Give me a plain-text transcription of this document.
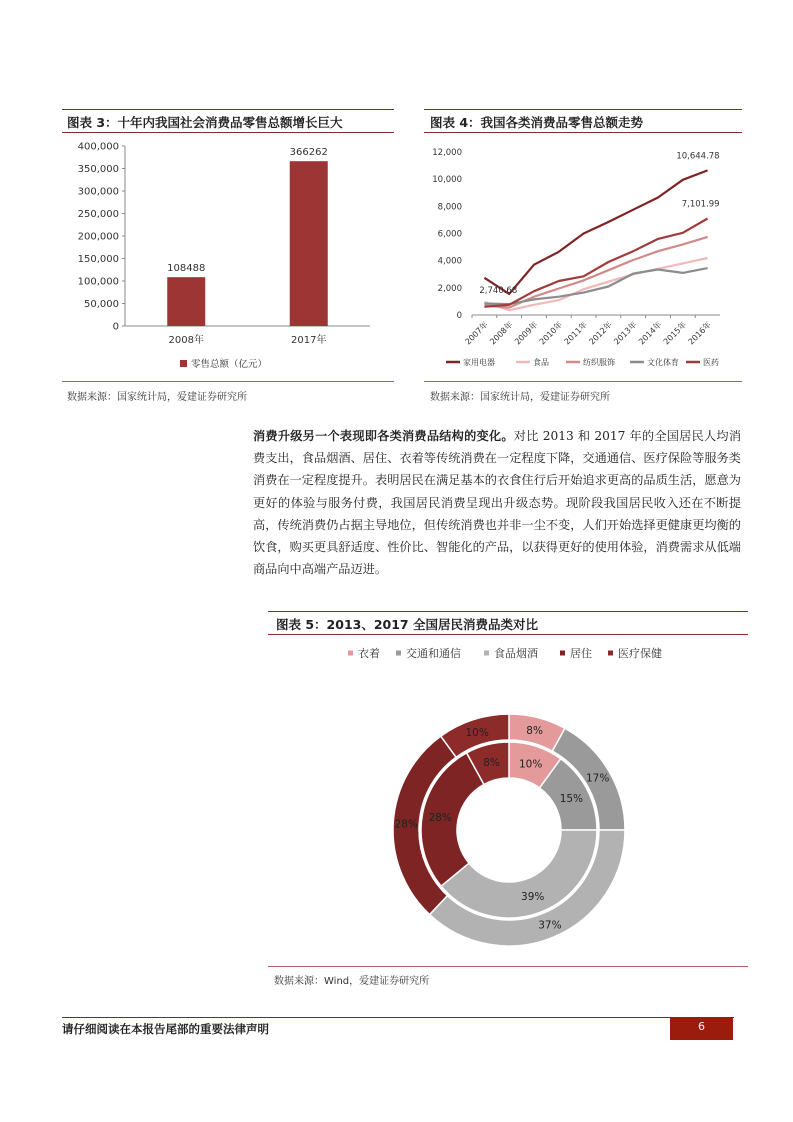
图表 3：十年内我国社会消费品零售总额增长巨大
0
50,000
100,000
150,000
200,000
250,000
300,000
350,000
400,000
108488
366262
2008年	2017年
零售总额（亿元）
数据来源：国家统计局，爱建证券研究所
图表 4：我国各类消费品零售总额走势
0
2,000
4,000
6,000
8,000
10,000
12,000
2007年
2008年
2009年
2010年
2011年
2012年
2013年
2014年
2015年
2016年
2,740.68
10,644.78
7,101.99
家用电器	食品	纺织服饰	文化体育	医药
数据来源：国家统计局，爱建证券研究所
消费升级另一个表现即各类消费品结构的变化。对比 2013 和 2017 年的全国居民人均消费支出，食品烟酒、居住、衣着等传统消费在一定程度下降，交通通信、医疗保险等服务类消费在一定程度提升。表明居民在满足基本的衣食住行后开始追求更高的品质生活，愿意为更好的体验与服务付费，我国居民消费呈现出升级态势。现阶段我国居民收入还在不断提高，传统消费仍占据主导地位，但传统消费也并非一尘不变，人们开始选择更健康更均衡的饮食，购买更具舒适度、性价比、智能化的产品，以获得更好的使用体验，消费需求从低端商品向中高端产品迈进。
图表 5：2013、2017 全国居民消费品类对比
衣着 交通和通信	食品烟酒	居住 医疗保健
10%
15%
39%
28%
8%
8%
17%
37%
28%
10%
数据来源：Wind，爱建证券研究所
请仔细阅读在本报告尾部的重要法律声明	6
